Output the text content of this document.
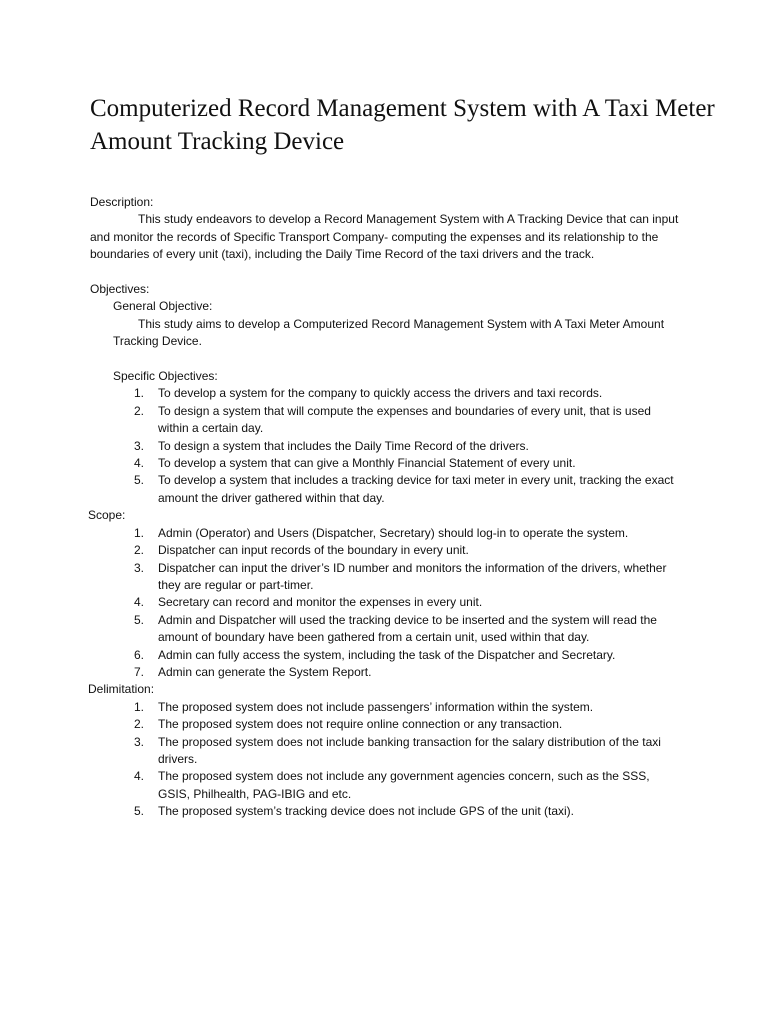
Computerized Record Management System with A Taxi Meter Amount Tracking Device

Description:

This study endeavors to develop a Record Management System with A Tracking Device that can input and monitor the records of Specific Transport Company- computing the expenses and its relationship to the boundaries of every unit (taxi), including the Daily Time Record of the taxi drivers and the track.

Objectives:

General Objective:

This study aims to develop a Computerized Record Management System with A Taxi Meter Amount Tracking Device.

Specific Objectives:

1. To develop a system for the company to quickly access the drivers and taxi records.
2. To design a system that will compute the expenses and boundaries of every unit, that is used within a certain day.
3. To design a system that includes the Daily Time Record of the drivers.
4. To develop a system that can give a Monthly Financial Statement of every unit.
5. To develop a system that includes a tracking device for taxi meter in every unit, tracking the exact amount the driver gathered within that day.

Scope:

1. Admin (Operator) and Users (Dispatcher, Secretary) should log-in to operate the system.
2. Dispatcher can input records of the boundary in every unit.
3. Dispatcher can input the driver’s ID number and monitors the information of the drivers, whether they are regular or part-timer.
4. Secretary can record and monitor the expenses in every unit.
5. Admin and Dispatcher will used the tracking device to be inserted and the system will read the amount of boundary have been gathered from a certain unit, used within that day.
6. Admin can fully access the system, including the task of the Dispatcher and Secretary.
7. Admin can generate the System Report.

Delimitation:

1. The proposed system does not include passengers’ information within the system.
2. The proposed system does not require online connection or any transaction.
3. The proposed system does not include banking transaction for the salary distribution of the taxi drivers.
4. The proposed system does not include any government agencies concern, such as the SSS, GSIS, Philhealth, PAG-IBIG and etc.
5. The proposed system’s tracking device does not include GPS of the unit (taxi).
